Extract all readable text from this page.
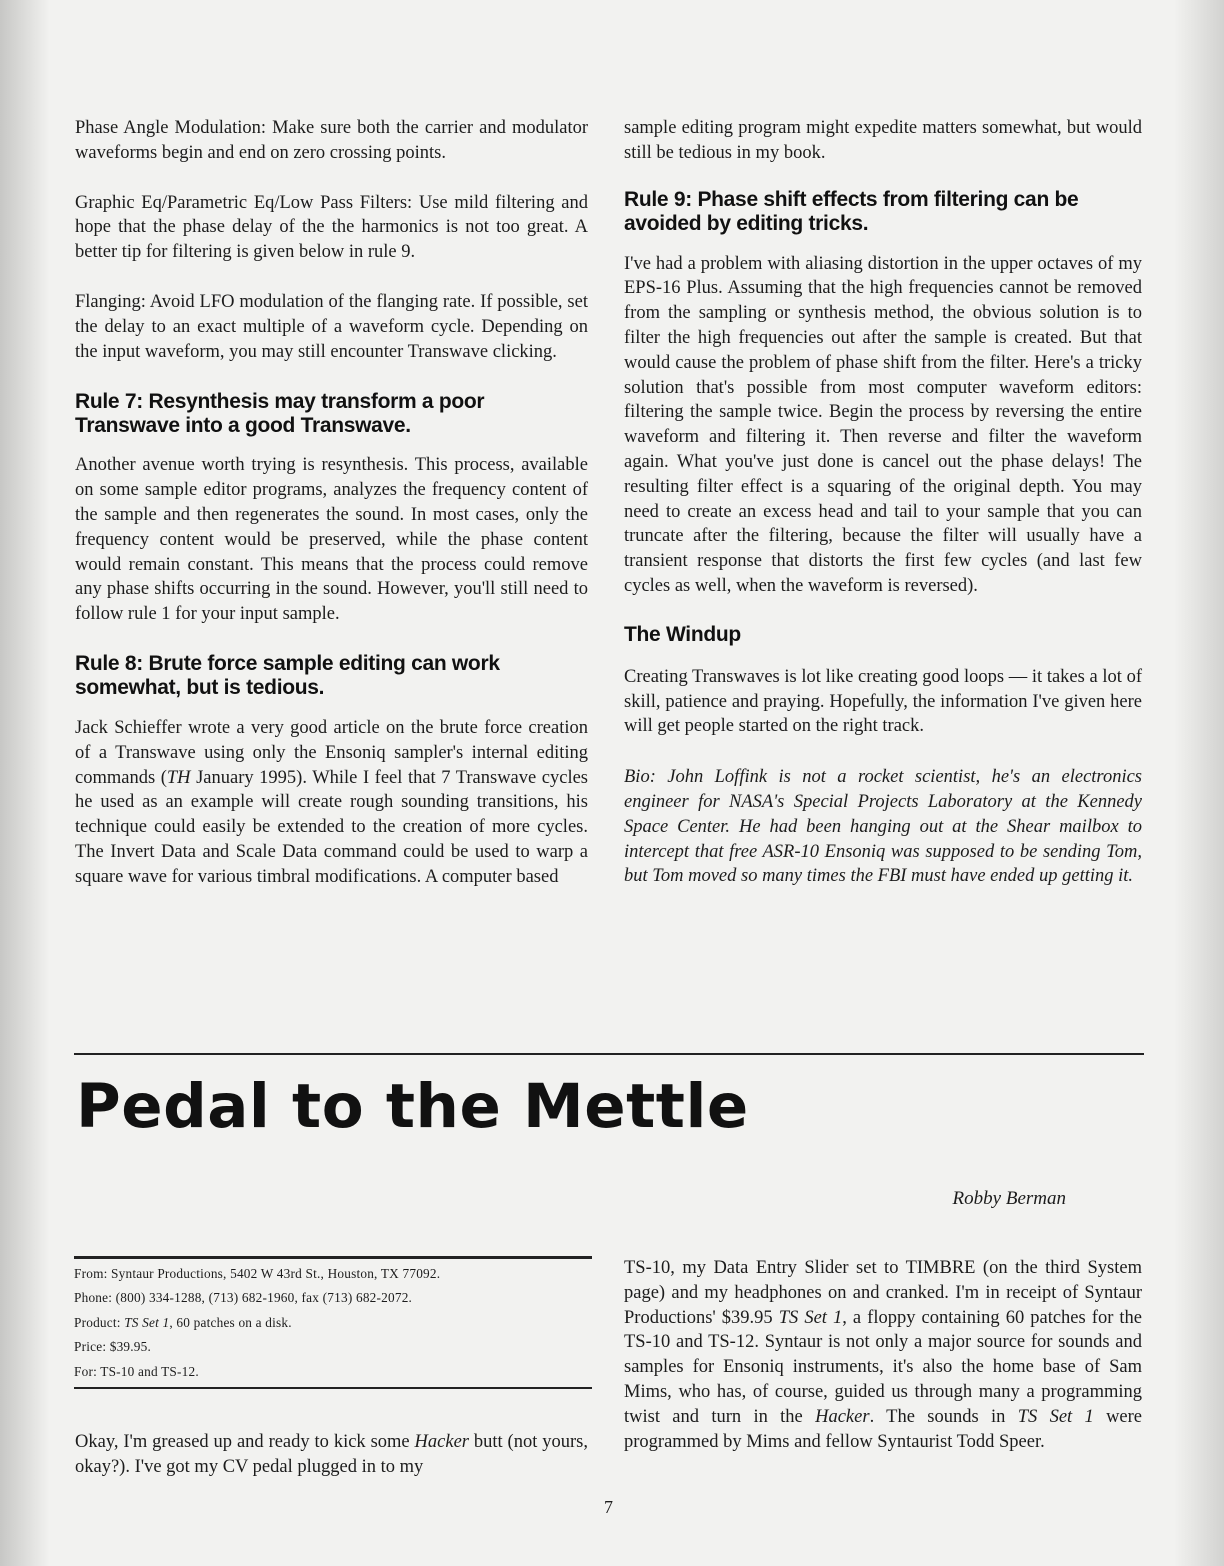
Phase Angle Modulation: Make sure both the carrier and modulator waveforms begin and end on zero crossing points.

Graphic Eq/Parametric Eq/Low Pass Filters: Use mild filtering and hope that the phase delay of the the harmonics is not too great. A better tip for filtering is given below in rule 9.

Flanging: Avoid LFO modulation of the flanging rate. If possible, set the delay to an exact multiple of a waveform cycle. Depending on the input waveform, you may still encounter Transwave clicking.

Rule 7: Resynthesis may transform a poor Transwave into a good Transwave.

Another avenue worth trying is resynthesis. This process, available on some sample editor programs, analyzes the frequency content of the sample and then regenerates the sound. In most cases, only the frequency content would be preserved, while the phase content would remain constant. This means that the process could remove any phase shifts occurring in the sound. However, you'll still need to follow rule 1 for your input sample.

Rule 8: Brute force sample editing can work somewhat, but is tedious.

Jack Schieffer wrote a very good article on the brute force creation of a Transwave using only the Ensoniq sampler's internal editing commands (TH January 1995). While I feel that 7 Transwave cycles he used as an example will create rough sounding transitions, his technique could easily be extended to the creation of more cycles. The Invert Data and Scale Data command could be used to warp a square wave for various timbral modifications. A computer based

sample editing program might expedite matters somewhat, but would still be tedious in my book.

Rule 9: Phase shift effects from filtering can be avoided by editing tricks.

I've had a problem with aliasing distortion in the upper octaves of my EPS-16 Plus. Assuming that the high frequencies cannot be removed from the sampling or synthesis method, the obvious solution is to filter the high frequencies out after the sample is created. But that would cause the problem of phase shift from the filter. Here's a tricky solution that's possible from most computer waveform editors: filtering the sample twice. Begin the process by reversing the entire waveform and filtering it. Then reverse and filter the waveform again. What you've just done is cancel out the phase delays! The resulting filter effect is a squaring of the original depth. You may need to create an excess head and tail to your sample that you can truncate after the filtering, because the filter will usually have a transient response that distorts the first few cycles (and last few cycles as well, when the waveform is reversed).

The Windup

Creating Transwaves is lot like creating good loops — it takes a lot of skill, patience and praying. Hopefully, the information I've given here will get people started on the right track.

Bio: John Loffink is not a rocket scientist, he's an electronics engineer for NASA's Special Projects Laboratory at the Kennedy Space Center. He had been hanging out at the Shear mailbox to intercept that free ASR-10 Ensoniq was supposed to be sending Tom, but Tom moved so many times the FBI must have ended up getting it.

Pedal to the Mettle
Robby Berman
From: Syntaur Productions, 5402 W 43rd St., Houston, TX 77092.
Phone: (800) 334-1288, (713) 682-1960, fax (713) 682-2072.
Product: TS Set 1, 60 patches on a disk.
Price: $39.95.
For: TS-10 and TS-12.

Okay, I'm greased up and ready to kick some Hacker butt (not yours, okay?). I've got my CV pedal plugged in to my

TS-10, my Data Entry Slider set to TIMBRE (on the third System page) and my headphones on and cranked. I'm in receipt of Syntaur Productions' $39.95 TS Set 1, a floppy containing 60 patches for the TS-10 and TS-12. Syntaur is not only a major source for sounds and samples for Ensoniq instruments, it's also the home base of Sam Mims, who has, of course, guided us through many a programming twist and turn in the Hacker. The sounds in TS Set 1 were programmed by Mims and fellow Syntaurist Todd Speer.

7
